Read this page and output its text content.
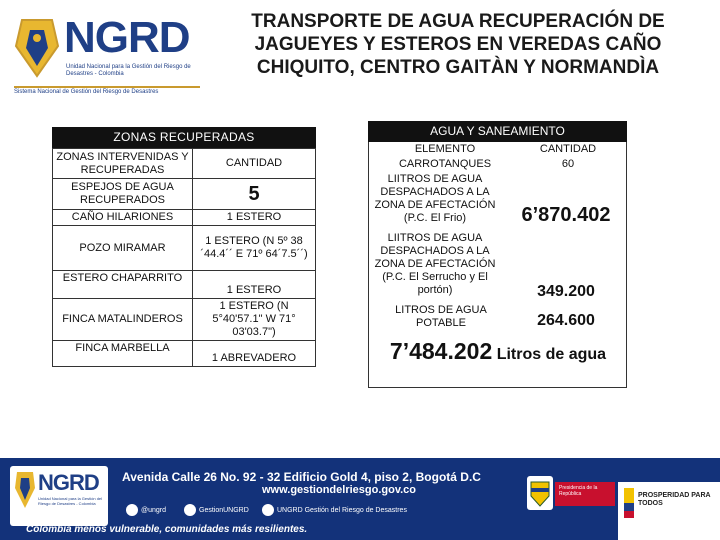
NGRD
Unidad Nacional para la Gestión del Riesgo de Desastres - Colombia
Sistema Nacional de Gestión del Riesgo de Desastres
TRANSPORTE DE AGUA RECUPERACIÓN DE JAGUEYES Y ESTEROS EN VEREDAS CAÑO CHIQUITO, CENTRO GAITÀN Y NORMANDÌA
ZONAS RECUPERADAS
ZONAS INTERVENIDAS Y RECUPERADAS	CANTIDAD
ESPEJOS DE AGUA RECUPERADOS	5
CAÑO HILARIONES	1 ESTERO
POZO MIRAMAR	1 ESTERO (N 5º 38´44.4´´ E 71º 64´7.5´´)
ESTERO CHAPARRITO	1 ESTERO
FINCA MATALINDEROS	1 ESTERO (N 5°40'57.1" W 71° 03'03.7")
FINCA MARBELLA	1 ABREVADERO
AGUA Y SANEAMIENTO
ELEMENTO	CANTIDAD
CARROTANQUES	60
LIITROS DE AGUA DESPACHADOS A LA ZONA DE AFECTACIÓN (P.C. El Frio)	6’870.402
LIITROS DE AGUA DESPACHADOS A LA ZONA DE AFECTACIÓN (P.C. El Serrucho y El portón)	349.200
LITROS DE AGUA POTABLE	264.600
7’484.202 Litros de agua
NGRD
Unidad Nacional para la Gestión del Riesgo de Desastres - Colombia
Avenida Calle 26 No. 92 - 32 Edificio Gold 4, piso 2, Bogotá D.C
www.gestiondelriesgo.gov.co
@ungrd	GestionUNGRD	UNGRD Gestión del Riesgo de Desastres
Colombia menos vulnerable, comunidades más resilientes.
Presidencia de la República	PROSPERIDAD PARA TODOS
